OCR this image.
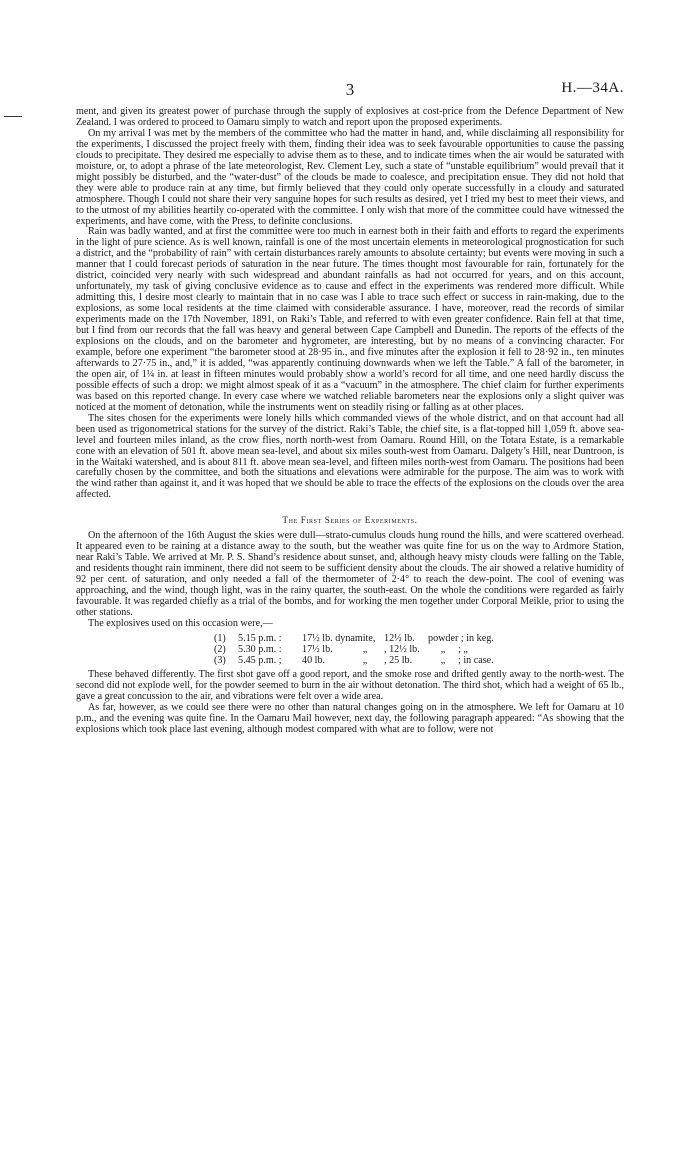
3	H.—34A.

ment, and given its greatest power of purchase through the supply of explosives at cost-price from the Defence Department of New Zealand. I was ordered to proceed to Oamaru simply to watch and report upon the proposed experiments.

On my arrival I was met by the members of the committee who had the matter in hand, and, while disclaiming all responsibility for the experiments, I discussed the project freely with them, finding their idea was to seek favourable opportunities to cause the passing clouds to precipitate. They desired me especially to advise them as to these, and to indicate times when the air would be saturated with moisture, or, to adopt a phrase of the late meteorologist, Rev. Clement Ley, such a state of “unstable equilibrium” would prevail that it might possibly be disturbed, and the “water-dust” of the clouds be made to coalesce, and precipitation ensue. They did not hold that they were able to produce rain at any time, but firmly believed that they could only operate successfully in a cloudy and saturated atmosphere. Though I could not share their very sanguine hopes for such results as desired, yet I tried my best to meet their views, and to the utmost of my abilities heartily co-operated with the committee. I only wish that more of the committee could have witnessed the experiments, and have come, with the Press, to definite conclusions.

Rain was badly wanted, and at first the committee were too much in earnest both in their faith and efforts to regard the experiments in the light of pure science. As is well known, rainfall is one of the most uncertain elements in meteorological prognostication for such a district, and the “probability of rain” with certain disturbances rarely amounts to absolute certainty; but events were moving in such a manner that I could forecast periods of saturation in the near future. The times thought most favourable for rain, fortunately for the district, coincided very nearly with such widespread and abundant rainfalls as had not occurred for years, and on this account, unfortunately, my task of giving conclusive evidence as to cause and effect in the experiments was rendered more difficult. While admitting this, I desire most clearly to maintain that in no case was I able to trace such effect or success in rain-making, due to the explosions, as some local residents at the time claimed with considerable assurance. I have, moreover, read the records of similar experiments made on the 17th November, 1891, on Raki’s Table, and referred to with even greater confidence. Rain fell at that time, but I find from our records that the fall was heavy and general between Cape Campbell and Dunedin. The reports of the effects of the explosions on the clouds, and on the barometer and hygrometer, are interesting, but by no means of a convincing character. For example, before one experiment “the barometer stood at 28·95 in., and five minutes after the explosion it fell to 28·92 in., ten minutes afterwards to 27·75 in., and,” it is added, “was apparently continuing downwards when we left the Table.” A fall of the barometer, in the open air, of 1¼ in. at least in fifteen minutes would probably show a world’s record for all time, and one need hardly discuss the possible effects of such a drop: we might almost speak of it as a “vacuum” in the atmosphere. The chief claim for further experiments was based on this reported change. In every case where we watched reliable barometers near the explosions only a slight quiver was noticed at the moment of detonation, while the instruments went on steadily rising or falling as at other places.

The sites chosen for the experiments were lonely hills which commanded views of the whole district, and on that account had all been used as trigonometrical stations for the survey of the district. Raki’s Table, the chief site, is a flat-topped hill 1,059 ft. above sea-level and fourteen miles inland, as the crow flies, north north-west from Oamaru. Round Hill, on the Totara Estate, is a remarkable cone with an elevation of 501 ft. above mean sea-level, and about six miles south-west from Oamaru. Dalgety’s Hill, near Duntroon, is in the Waitaki watershed, and is about 811 ft. above mean sea-level, and fifteen miles north-west from Oamaru. The positions had been carefully chosen by the committee, and both the situations and elevations were admirable for the purpose. The aim was to work with the wind rather than against it, and it was hoped that we should be able to trace the effects of the explosions on the clouds over the area affected.

The First Series of Experiments.

On the afternoon of the 16th August the skies were dull—strato-cumulus clouds hung round the hills, and were scattered overhead. It appeared even to be raining at a distance away to the south, but the weather was quite fine for us on the way to Ardmore Station, near Raki’s Table. We arrived at Mr. P. S. Shand’s residence about sunset, and, although heavy misty clouds were falling on the Table, and residents thought rain imminent, there did not seem to be sufficient density about the clouds. The air showed a relative humidity of 92 per cent. of saturation, and only needed a fall of the thermometer of 2·4° to reach the dew-point. The cool of evening was approaching, and the wind, though light, was in the rainy quarter, the south-east. On the whole the conditions were regarded as fairly favourable. It was regarded chiefly as a trial of the bombs, and for working the men together under Corporal Meikle, prior to using the other stations.

The explosives used on this occasion were,—

(1)	5.15 p.m. :	17½ lb. dynamite, 12½ lb.	powder ; in keg.
(2)	5.30 p.m. :	17½ lb.	„	, 12½ lb.	„	; „
(3)	5.45 p.m. ;	40 lb.	„	, 25 lb.	„	; in case.

These behaved differently. The first shot gave off a good report, and the smoke rose and drifted gently away to the north-west. The second did not explode well, for the powder seemed to burn in the air without detonation. The third shot, which had a weight of 65 lb., gave a great concussion to the air, and vibrations were felt over a wide area.

As far, however, as we could see there were no other than natural changes going on in the atmosphere. We left for Oamaru at 10 p.m., and the evening was quite fine. In the Oamaru Mail however, next day, the following paragraph appeared: “As showing that the explosions which took place last evening, although modest compared with what are to follow, were not
